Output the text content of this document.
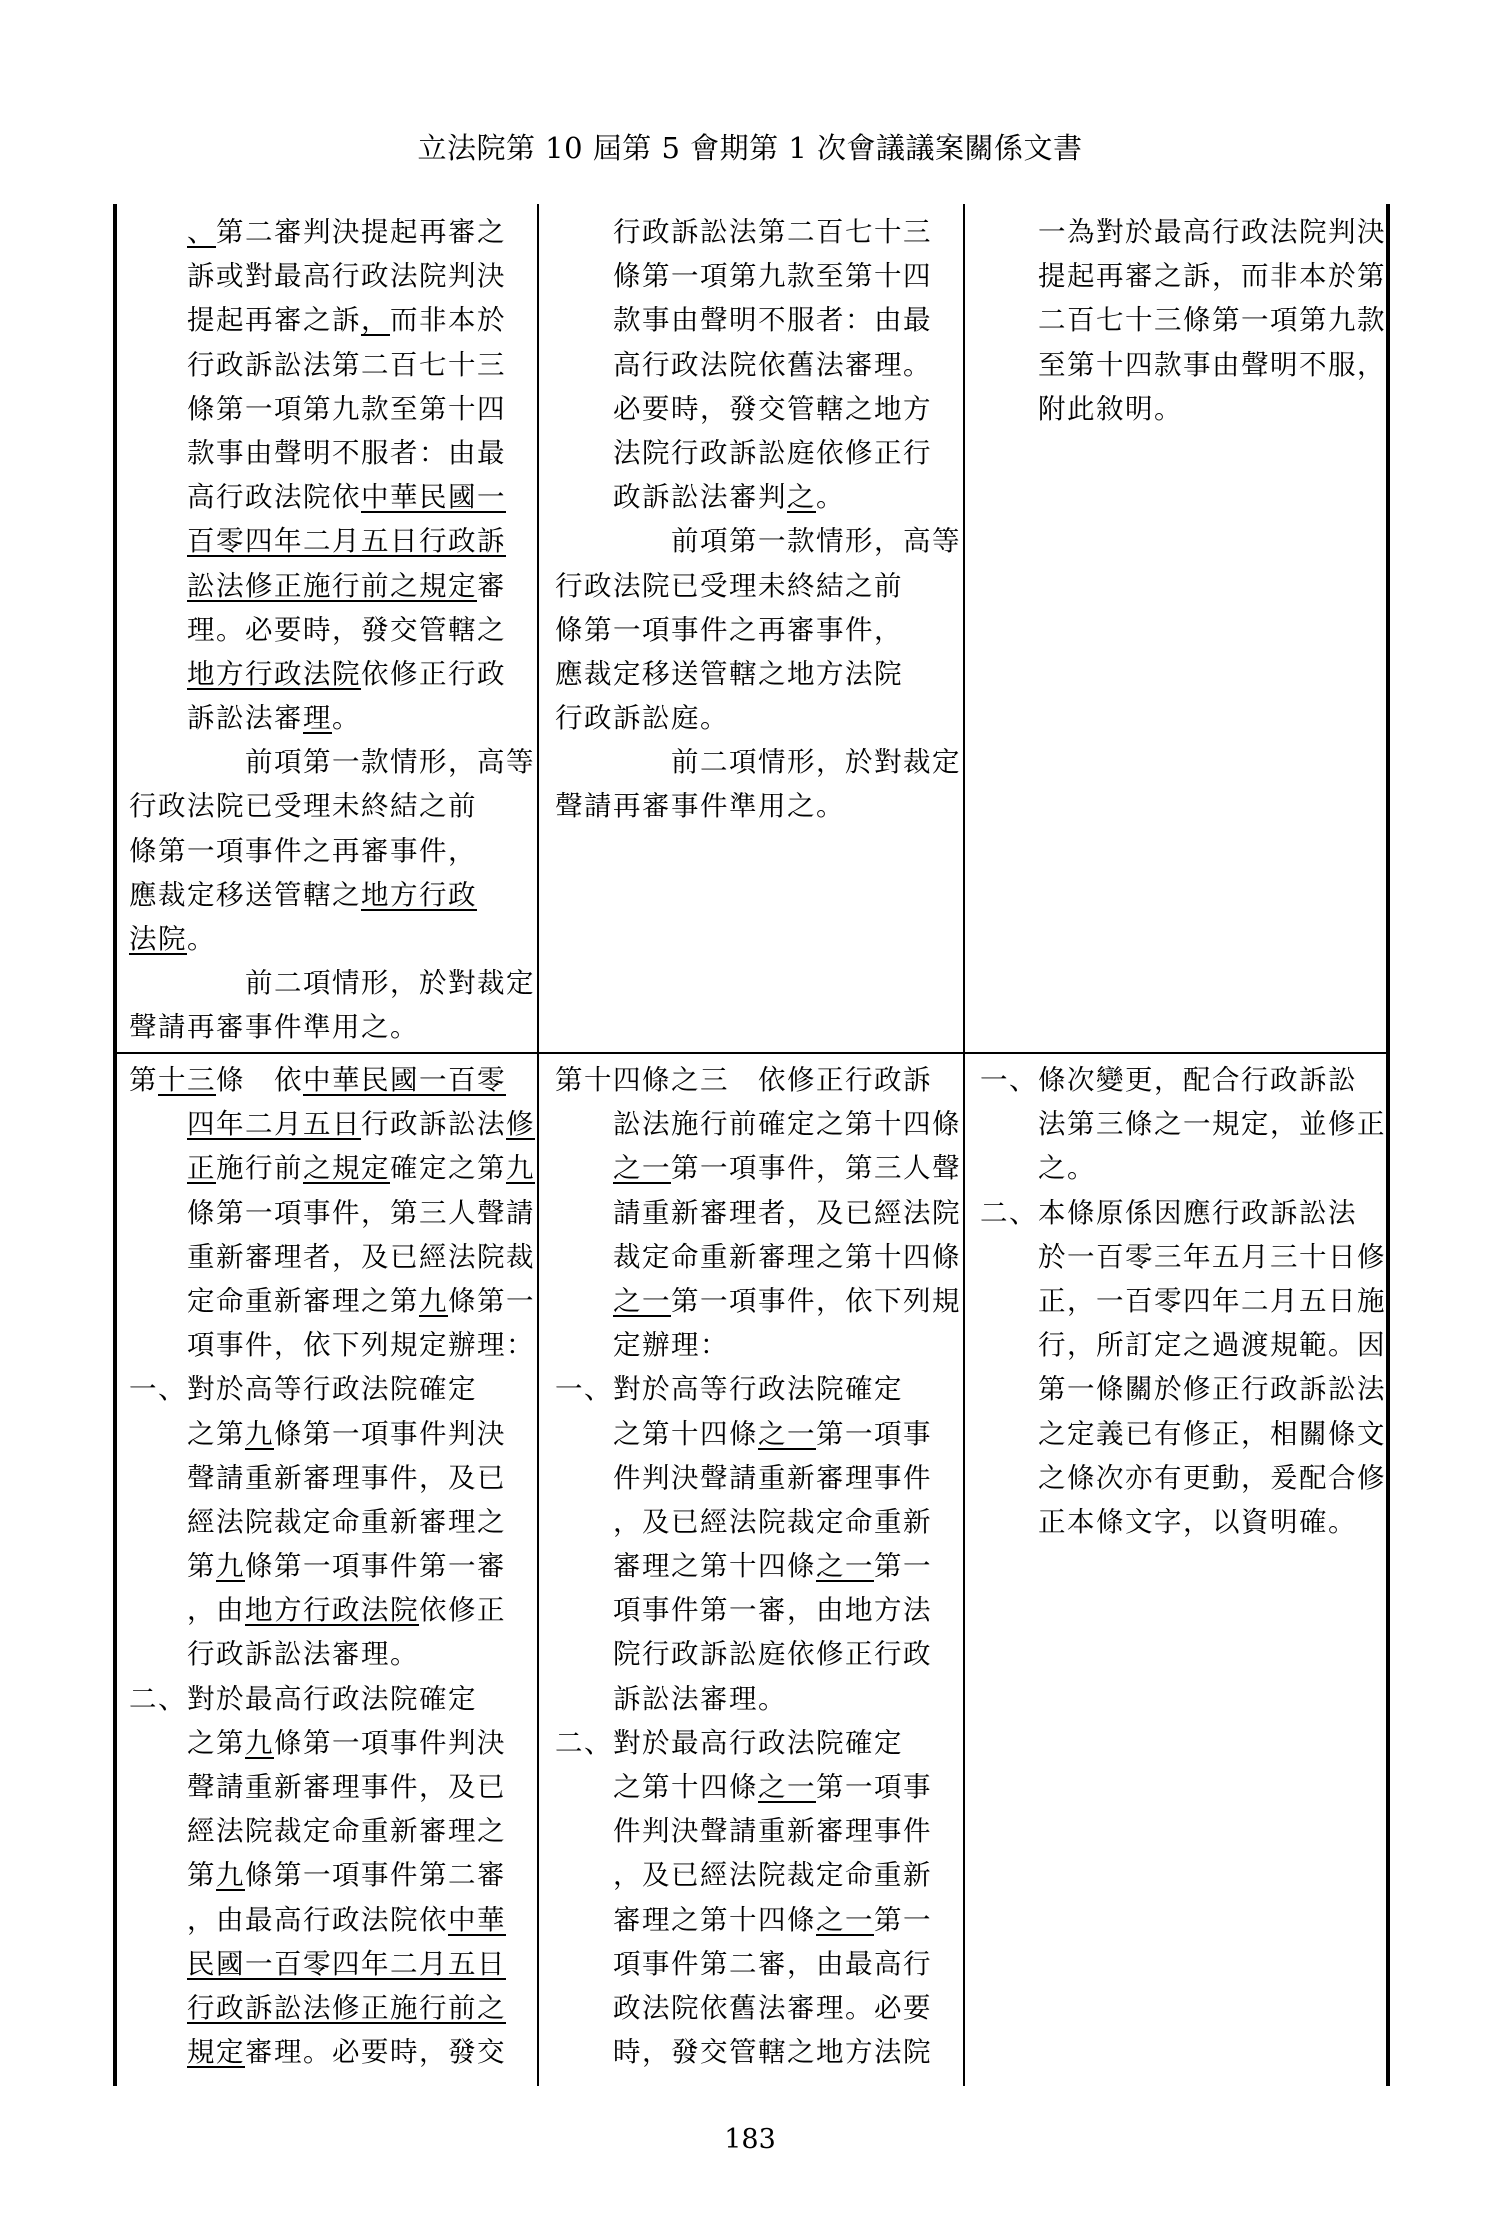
立法院第 10 屆第 5 會期第 1 次會議議案關係文書
、第二審判決提起再審之
訴或對最高行政法院判決
提起再審之訴，而非本於
行政訴訟法第二百七十三
條第一項第九款至第十四
款事由聲明不服者：由最
高行政法院依中華民國一
百零四年二月五日行政訴
訟法修正施行前之規定審
理。必要時，發交管轄之
地方行政法院依修正行政
訴訟法審理。
前項第一款情形，高等
行政法院已受理未終結之前
條第一項事件之再審事件，
應裁定移送管轄之地方行政
法院。
前二項情形，於對裁定
聲請再審事件準用之。
行政訴訟法第二百七十三
條第一項第九款至第十四
款事由聲明不服者：由最
高行政法院依舊法審理。
必要時，發交管轄之地方
法院行政訴訟庭依修正行
政訴訟法審判之。
前項第一款情形，高等
行政法院已受理未終結之前
條第一項事件之再審事件，
應裁定移送管轄之地方法院
行政訴訟庭。
前二項情形，於對裁定
聲請再審事件準用之。
一為對於最高行政法院判決
提起再審之訴，而非本於第
二百七十三條第一項第九款
至第十四款事由聲明不服，
附此敘明。
第十三條　依中華民國一百零
四年二月五日行政訴訟法修
正施行前之規定確定之第九
條第一項事件，第三人聲請
重新審理者，及已經法院裁
定命重新審理之第九條第一
項事件，依下列規定辦理：
一、對於高等行政法院確定
之第九條第一項事件判決
聲請重新審理事件，及已
經法院裁定命重新審理之
第九條第一項事件第一審
，由地方行政法院依修正
行政訴訟法審理。
二、對於最高行政法院確定
之第九條第一項事件判決
聲請重新審理事件，及已
經法院裁定命重新審理之
第九條第一項事件第二審
，由最高行政法院依中華
民國一百零四年二月五日
行政訴訟法修正施行前之
規定審理。必要時，發交
第十四條之三　依修正行政訴
訟法施行前確定之第十四條
之一第一項事件，第三人聲
請重新審理者，及已經法院
裁定命重新審理之第十四條
之一第一項事件，依下列規
定辦理：
一、對於高等行政法院確定
之第十四條之一第一項事
件判決聲請重新審理事件
，及已經法院裁定命重新
審理之第十四條之一第一
項事件第一審，由地方法
院行政訴訟庭依修正行政
訴訟法審理。
二、對於最高行政法院確定
之第十四條之一第一項事
件判決聲請重新審理事件
，及已經法院裁定命重新
審理之第十四條之一第一
項事件第二審，由最高行
政法院依舊法審理。必要
時，發交管轄之地方法院
一、條次變更，配合行政訴訟
法第三條之一規定，並修正
之。
二、本條原係因應行政訴訟法
於一百零三年五月三十日修
正，一百零四年二月五日施
行，所訂定之過渡規範。因
第一條關於修正行政訴訟法
之定義已有修正，相關條文
之條次亦有更動，爰配合修
正本條文字，以資明確。
183
